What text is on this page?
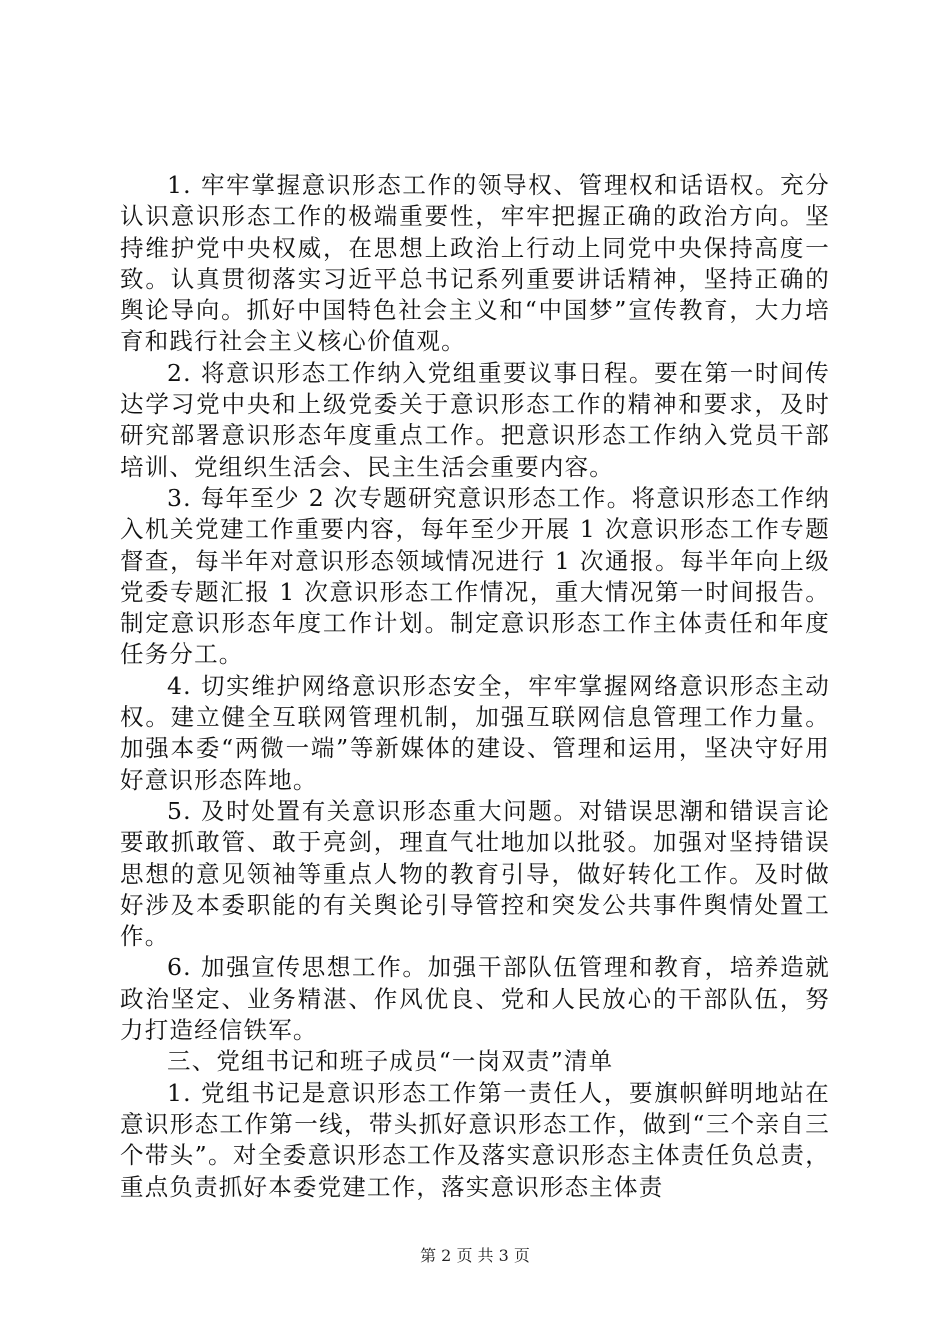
1. 牢牢掌握意识形态工作的领导权、管理权和话语权。充分认识意识形态工作的极端重要性，牢牢把握正确的政治方向。坚持维护党中央权威，在思想上政治上行动上同党中央保持高度一致。认真贯彻落实习近平总书记系列重要讲话精神，坚持正确的舆论导向。抓好中国特色社会主义和“中国梦”宣传教育，大力培育和践行社会主义核心价值观。

2. 将意识形态工作纳入党组重要议事日程。要在第一时间传达学习党中央和上级党委关于意识形态工作的精神和要求，及时研究部署意识形态年度重点工作。把意识形态工作纳入党员干部培训、党组织生活会、民主生活会重要内容。

3. 每年至少 2 次专题研究意识形态工作。将意识形态工作纳入机关党建工作重要内容，每年至少开展 1 次意识形态工作专题督查，每半年对意识形态领域情况进行 1 次通报。每半年向上级党委专题汇报 1 次意识形态工作情况，重大情况第一时间报告。制定意识形态年度工作计划。制定意识形态工作主体责任和年度任务分工。

4. 切实维护网络意识形态安全，牢牢掌握网络意识形态主动权。建立健全互联网管理机制，加强互联网信息管理工作力量。加强本委“两微一端”等新媒体的建设、管理和运用，坚决守好用好意识形态阵地。

5. 及时处置有关意识形态重大问题。对错误思潮和错误言论要敢抓敢管、敢于亮剑，理直气壮地加以批驳。加强对坚持错误思想的意见领袖等重点人物的教育引导，做好转化工作。及时做好涉及本委职能的有关舆论引导管控和突发公共事件舆情处置工作。

6. 加强宣传思想工作。加强干部队伍管理和教育，培养造就政治坚定、业务精湛、作风优良、党和人民放心的干部队伍，努力打造经信铁军。

三、党组书记和班子成员“一岗双责”清单

1. 党组书记是意识形态工作第一责任人，要旗帜鲜明地站在意识形态工作第一线，带头抓好意识形态工作，做到“三个亲自三个带头”。对全委意识形态工作及落实意识形态主体责任负总责，重点负责抓好本委党建工作，落实意识形态主体责

第 2 页 共 3 页
